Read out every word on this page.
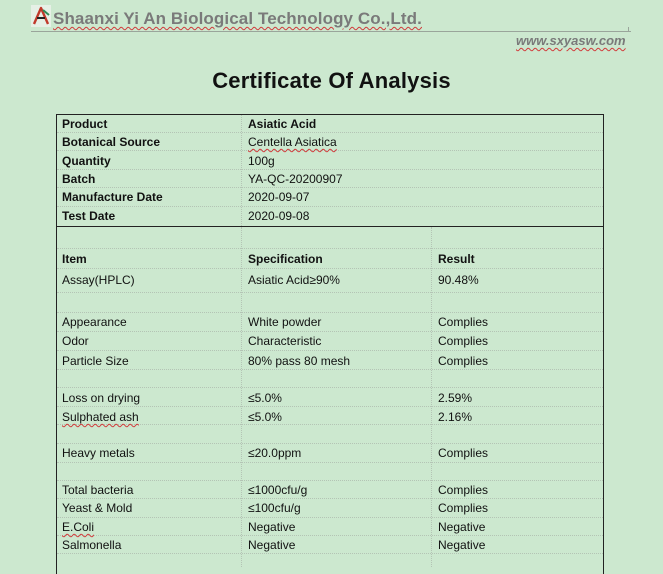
Shaanxi Yi An Biological Technology Co.,Ltd.
www.sxyasw.com
Certificate Of Analysis
Product	Asiatic Acid
Botanical Source	Centella Asiatica
Quantity	100g
Batch	YA-QC-20200907
Manufacture Date	2020-09-07
Test Date	2020-09-08
Item	Specification	Result
Assay(HPLC)	Asiatic Acid≥90%	90.48%
Appearance	White powder	Complies
Odor	Characteristic	Complies
Particle Size	80% pass 80 mesh	Complies
Loss on drying	≤5.0%	2.59%
Sulphated ash	≤5.0%	2.16%
Heavy metals	≤20.0ppm	Complies
Total bacteria	≤1000cfu/g	Complies
Yeast & Mold	≤100cfu/g	Complies
E.Coli	Negative	Negative
Salmonella	Negative	Negative
